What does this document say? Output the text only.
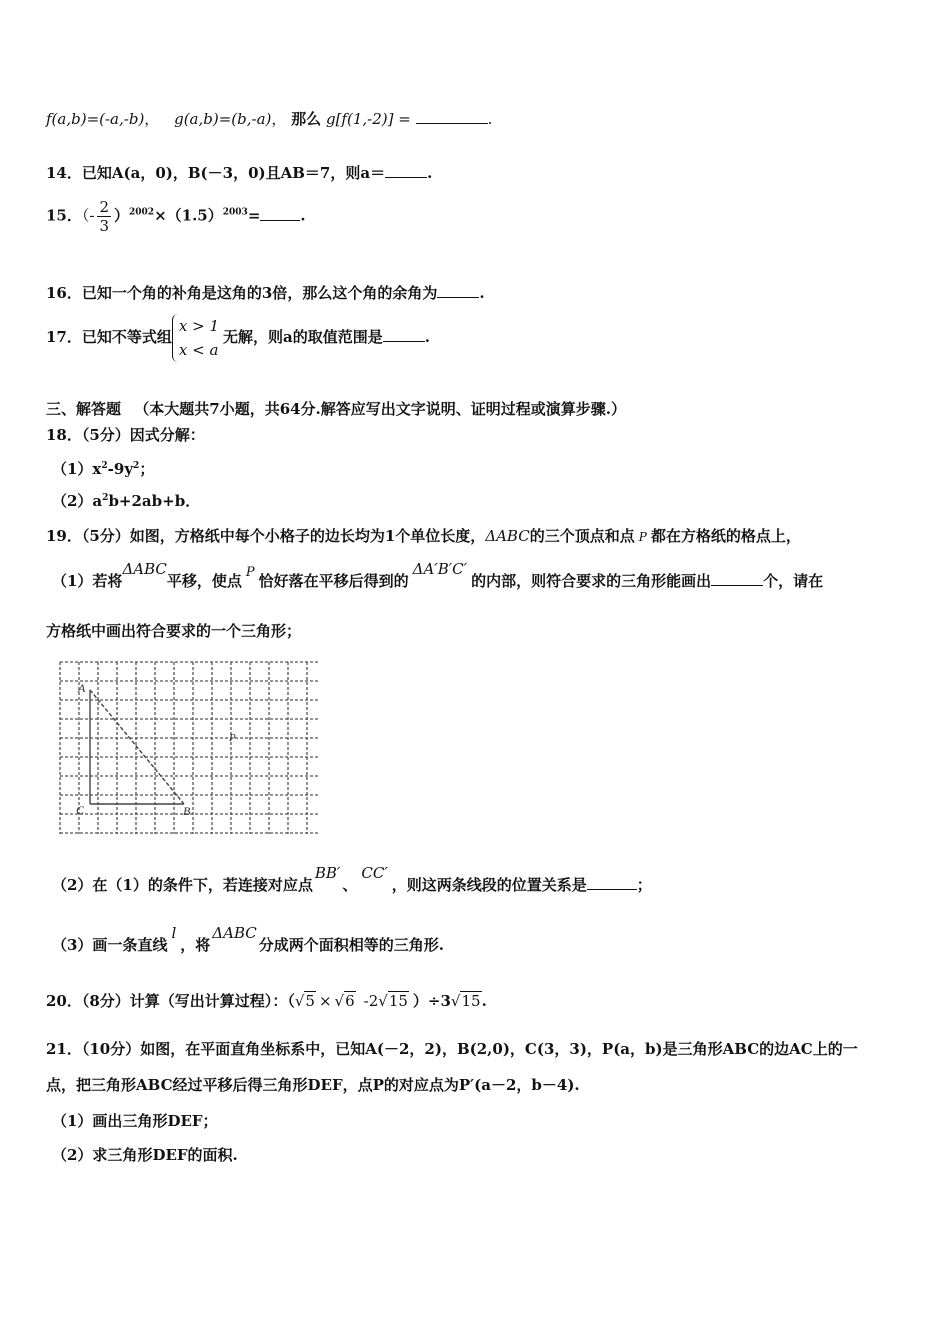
f(a,b)=(-a,-b)， g(a,b)=(b,-a)， 那么 g[f(1,-2)] =	.
14．已知A(a，0)，B(－3，0)且AB＝7，则a＝	.
15．（- $\frac{2}{3} )^{2002}\times(1.5)^{2003}=$	.
16．已知一个角的补角是这角的3倍，那么这个角的余角为	.
17．已知不等式组
x > 1
x < a
无解，则a的取值范围是	.
三、解答题 （本大题共7小题，共64分.解答应写出文字说明、证明过程或演算步骤.）
18．（5分）因式分解：
$(1)x^2-9y^2$；
$(2)a^2b+2ab+b$．
19．（5分）如图，方格纸中每个小格子的边长均为1个单位长度，ΔABC的三个顶点和点 P 都在方格纸的格点上，
（1）若将ΔABC平移，使点 P 恰好落在平移后得到的ΔA′B′C′的内部，则符合要求的三角形能画出	个，请在
方格纸中画出符合要求的一个三角形；
A
B
C
P
（2）在（1）的条件下，若连接对应点BB′、CC′，则这两条线段的位置关系是	；
（3）画一条直线l，将ΔABC分成两个面积相等的三角形.
20．（8分）计算（写出计算过程）：（√5 × √6 -2√15 ）÷3√15.
21．（10分）如图，在平面直角坐标系中，已知A(－2，2)，B(2,0)，C(3，3)，P(a，b)是三角形ABC的边AC上的一
点，把三角形ABC经过平移后得三角形DEF，点P的对应点为P′(a－2，b－4).
（1）画出三角形DEF；
（2）求三角形DEF的面积.
